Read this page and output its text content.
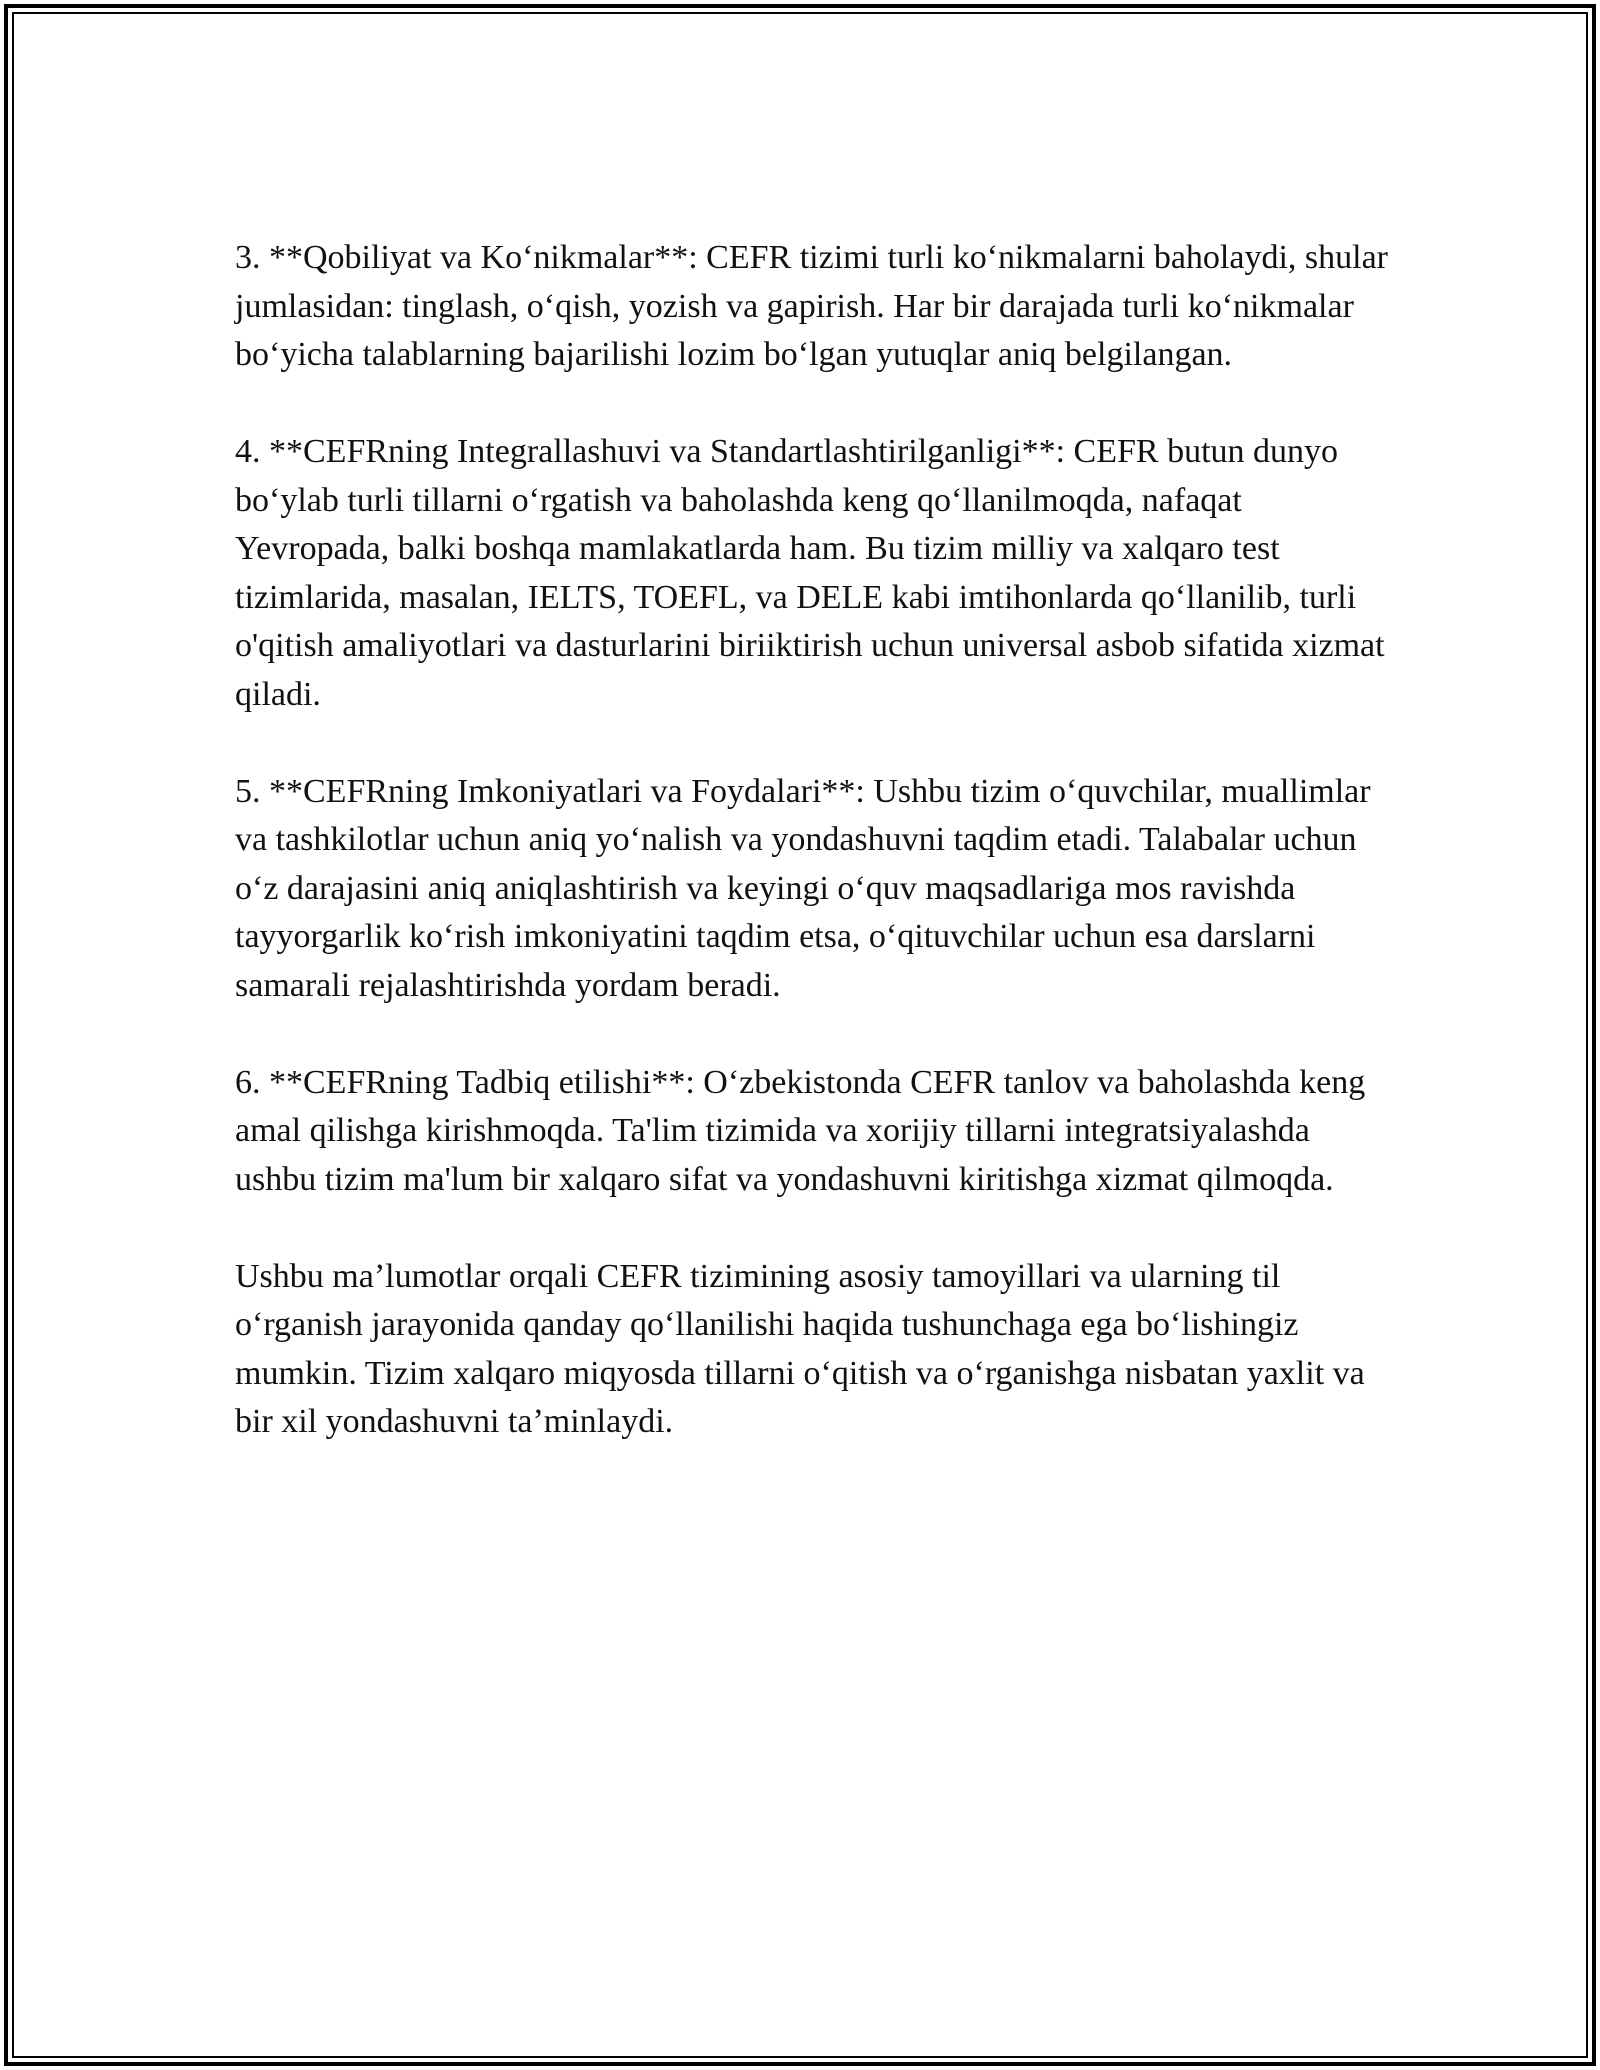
3. **Qobiliyat va Koʻnikmalar**: CEFR tizimi turli koʻnikmalarni baholaydi, shular jumlasidan: tinglash, oʻqish, yozish va gapirish. Har bir darajada turli koʻnikmalar boʻyicha talablarning bajarilishi lozim boʻlgan yutuqlar aniq belgilangan.

4. **CEFRning Integrallashuvi va Standartlashtirilganligi**: CEFR butun dunyo boʻylab turli tillarni oʻrgatish va baholashda keng qoʻllanilmoqda, nafaqat Yevropada, balki boshqa mamlakatlarda ham. Bu tizim milliy va xalqaro test tizimlarida, masalan, IELTS, TOEFL, va DELE kabi imtihonlarda qoʻllanilib, turli o'qitish amaliyotlari va dasturlarini biriiktirish uchun universal asbob sifatida xizmat qiladi.

5. **CEFRning Imkoniyatlari va Foydalari**: Ushbu tizim oʻquvchilar, muallimlar va tashkilotlar uchun aniq yoʻnalish va yondashuvni taqdim etadi. Talabalar uchun oʻz darajasini aniq aniqlashtirish va keyingi oʻquv maqsadlariga mos ravishda tayyorgarlik koʻrish imkoniyatini taqdim etsa, oʻqituvchilar uchun esa darslarni samarali rejalashtirishda yordam beradi.

6. **CEFRning Tadbiq etilishi**: Oʻzbekistonda CEFR tanlov va baholashda keng amal qilishga kirishmoqda. Ta'lim tizimida va xorijiy tillarni integratsiyalashda ushbu tizim ma'lum bir xalqaro sifat va yondashuvni kiritishga xizmat qilmoqda.

Ushbu maʼlumotlar orqali CEFR tizimining asosiy tamoyillari va ularning til oʻrganish jarayonida qanday qoʻllanilishi haqida tushunchaga ega boʻlishingiz mumkin. Tizim xalqaro miqyosda tillarni oʻqitish va oʻrganishga nisbatan yaxlit va bir xil yondashuvni taʼminlaydi.
